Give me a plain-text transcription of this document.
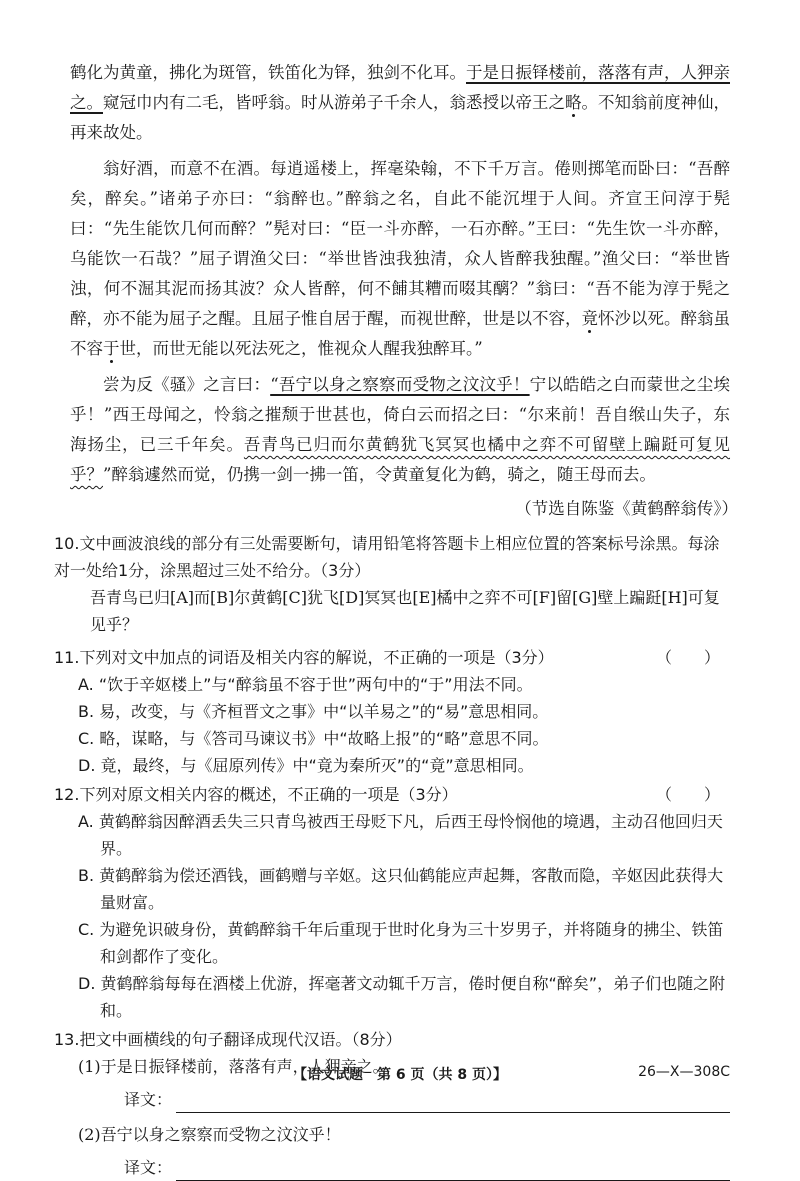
鹤化为黄童，拂化为斑管，铁笛化为铎，独剑不化耳。于是日振铎楼前，落落有声，人狎亲之。窥冠巾内有二毛，皆呼翁。时从游弟子千余人，翁悉授以帝王之略。不知翁前度神仙，再来故处。

翁好酒，而意不在酒。每逍遥楼上，挥毫染翰，不下千万言。倦则掷笔而卧曰：“吾醉矣，醉矣。”诸弟子亦曰：“翁醉也。”醉翁之名，自此不能沉埋于人间。齐宣王问淳于髡曰：“先生能饮几何而醉？”髡对曰：“臣一斗亦醉，一石亦醉。”王曰：“先生饮一斗亦醉，乌能饮一石哉？”屈子谓渔父曰：“举世皆浊我独清，众人皆醉我独醒。”渔父曰：“举世皆浊，何不淈其泥而扬其波？众人皆醉，何不餔其糟而啜其醨？”翁曰：“吾不能为淳于髡之醉，亦不能为屈子之醒。且屈子惟自居于醒，而视世醉，世是以不容，竟怀沙以死。醉翁虽不容于世，而世无能以死法死之，惟视众人醒我独醉耳。”

尝为反《骚》之言曰：“吾宁以身之察察而受物之汶汶乎！宁以皓皓之白而蒙世之尘埃乎！”西王母闻之，怜翁之摧颓于世甚也，倚白云而招之曰：“尔来前！吾自缑山失子，东海扬尘，已三千年矣。吾青鸟已归而尔黄鹤犹飞冥冥也橘中之弈不可留壁上蹁跹可复见乎？”醉翁遽然而觉，仍携一剑一拂一笛，令黄童复化为鹤，骑之，随王母而去。

（节选自陈鉴《黄鹤醉翁传》）

10.文中画波浪线的部分有三处需要断句，请用铅笔将答题卡上相应位置的答案标号涂黑。每涂对一处给1分，涂黑超过三处不给分。（3分）
吾青鸟已归[A]而[B]尔黄鹤[C]犹飞[D]冥冥也[E]橘中之弈不可[F]留[G]壁上蹁跹[H]可复见乎？
（　　）
11.下列对文中加点的词语及相关内容的解说，不正确的一项是（3分）
A. “饮于辛妪楼上”与“醉翁虽不容于世”两句中的“于”用法不同。
B. 易，改变，与《齐桓晋文之事》中“以羊易之”的“易”意思相同。
C. 略，谋略，与《答司马谏议书》中“故略上报”的“略”意思不同。
D. 竟，最终，与《屈原列传》中“竟为秦所灭”的“竟”意思相同。
（　　）
12.下列对原文相关内容的概述，不正确的一项是（3分）
A. 黄鹤醉翁因醉酒丢失三只青鸟被西王母贬下凡，后西王母怜悯他的境遇，主动召他回归天界。
B. 黄鹤醉翁为偿还酒钱，画鹤赠与辛妪。这只仙鹤能应声起舞，客散而隐，辛妪因此获得大量财富。
C. 为避免识破身份，黄鹤醉翁千年后重现于世时化身为三十岁男子，并将随身的拂尘、铁笛和剑都作了变化。
D. 黄鹤醉翁每每在酒楼上优游，挥毫著文动辄千万言，倦时便自称“醉矣”，弟子们也随之附和。
13.把文中画横线的句子翻译成现代汉语。（8分）
(1)于是日振铎楼前，落落有声，人狎亲之。
译文：
(2)吾宁以身之察察而受物之汶汶乎！
译文：
【语文试题　第 6 页（共 8 页）】	26—X—308C
